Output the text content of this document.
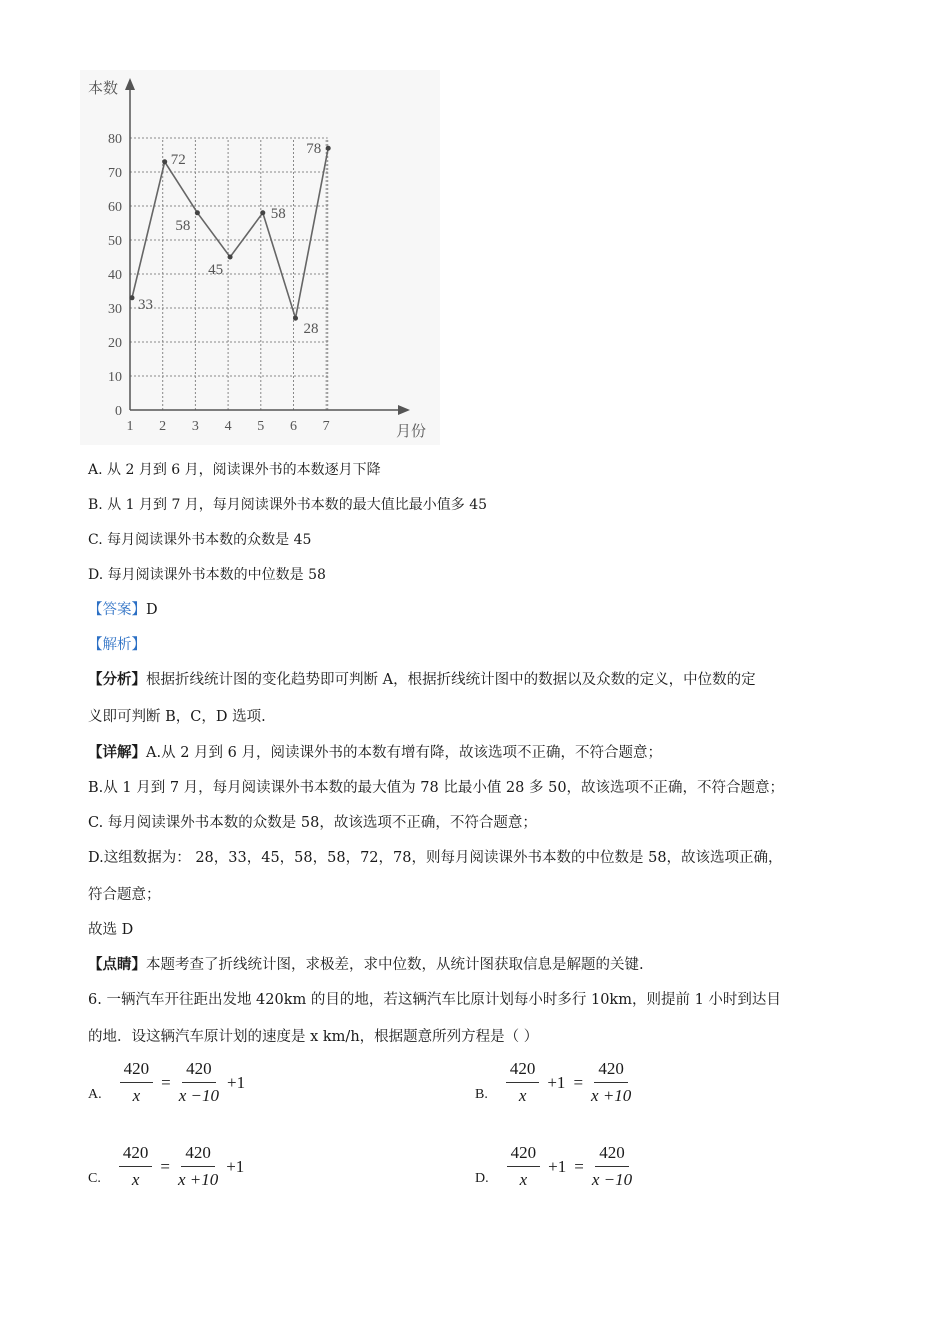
0
10
20
30
40
50
60
70
80
1 2 3 4 5 6 7
本数
月份
33
72
58
45
58
28
78
A. 从 2 月到 6 月，阅读课外书的本数逐月下降
B. 从 1 月到 7 月，每月阅读课外书本数的最大值比最小值多 45
C. 每月阅读课外书本数的众数是 45
D. 每月阅读课外书本数的中位数是 58
【答案】D
【解析】
【分析】根据折线统计图的变化趋势即可判断 A，根据折线统计图中的数据以及众数的定义，中位数的定
义即可判断 B，C，D 选项.
【详解】A.从 2 月到 6 月，阅读课外书的本数有增有降，故该选项不正确，不符合题意；
B.从 1 月到 7 月，每月阅读课外书本数的最大值为 78 比最小值 28 多 50，故该选项不正确，不符合题意；
C. 每月阅读课外书本数的众数是 58，故该选项不正确，不符合题意；
D.这组数据为： 28，33，45，58，58，72，78，则每月阅读课外书本数的中位数是 58，故该选项正确，
符合题意；
故选 D
【点睛】本题考查了折线统计图，求极差，求中位数，从统计图获取信息是解题的关键.
6. 一辆汽车开往距出发地 420km 的目的地，若这辆汽车比原计划每小时多行 10km，则提前 1 小时到达目
的地．设这辆汽车原计划的速度是 x km/h，根据题意所列方程是（ ）
A. $\frac{420}{x} = \frac{420}{x -10} +1$
B. $\frac{420}{x} +1 = \frac{420}{x +10}$
C. $\frac{420}{x} = \frac{420}{x +10} +1$
D. $\frac{420}{x} +1 = \frac{420}{x -10}$
